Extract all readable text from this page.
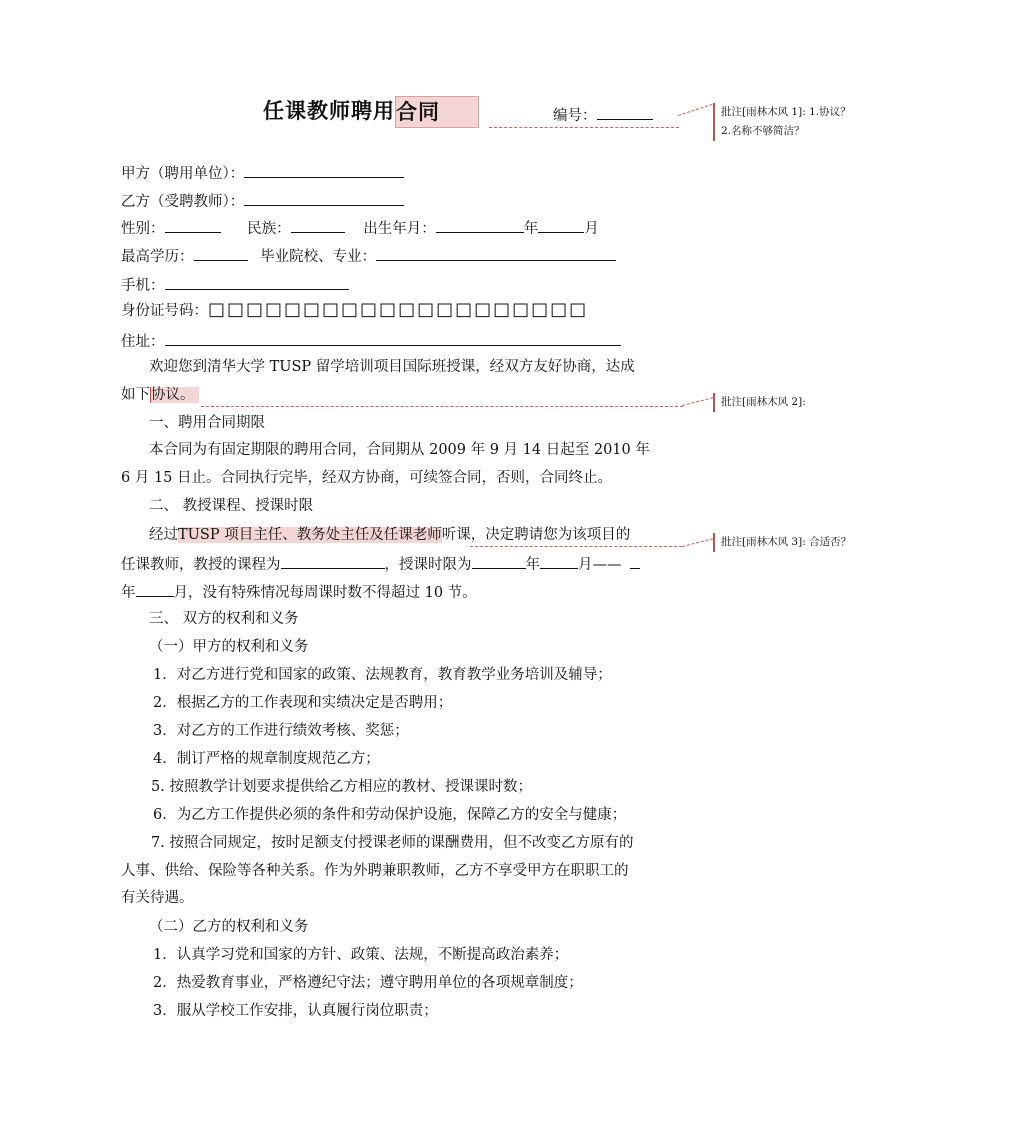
任课教师聘用合同	编号：	批注[雨林木风 1]: 1.协议？
2.名称不够简洁？
批注[雨林木风 2]:
批注[雨林木风 3]: 合适否？
甲方（聘用单位）：
乙方（受聘教师）：
性别：	民族：	出生年月：	年	月
最高学历：	毕业院校、专业：
手机：
身份证号码：□□□□□□□□□□□□□□□□□□□□
住址：
欢迎您到清华大学 TUSP 留学培训项目国际班授课，经双方友好协商，达成
如下协议。
一、聘用合同期限
本合同为有固定期限的聘用合同，合同期从 2009 年 9 月 14 日起至 2010 年
6 月 15 日止。合同执行完毕，经双方协商，可续签合同，否则，合同终止。
二、 教授课程、授课时限
经过TUSP 项目主任、教务处主任及任课老师听课，决定聘请您为该项目的
任课教师，教授的课程为	，授课时限为	年	月——
年	月，没有特殊情况每周课时数不得超过 10 节。
三、 双方的权利和义务
（一）甲方的权利和义务
1．对乙方进行党和国家的政策、法规教育，教育教学业务培训及辅导；
2．根据乙方的工作表现和实绩决定是否聘用；
3．对乙方的工作进行绩效考核、奖惩；
4．制订严格的规章制度规范乙方；
5. 按照教学计划要求提供给乙方相应的教材、授课课时数；
6．为乙方工作提供必须的条件和劳动保护设施，保障乙方的安全与健康；
7. 按照合同规定，按时足额支付授课老师的课酬费用，但不改变乙方原有的
人事、供给、保险等各种关系。作为外聘兼职教师，乙方不享受甲方在职职工的
有关待遇。
（二）乙方的权利和义务
1．认真学习党和国家的方针、政策、法规，不断提高政治素养；
2．热爱教育事业，严格遵纪守法；遵守聘用单位的各项规章制度；
3．服从学校工作安排，认真履行岗位职责；
